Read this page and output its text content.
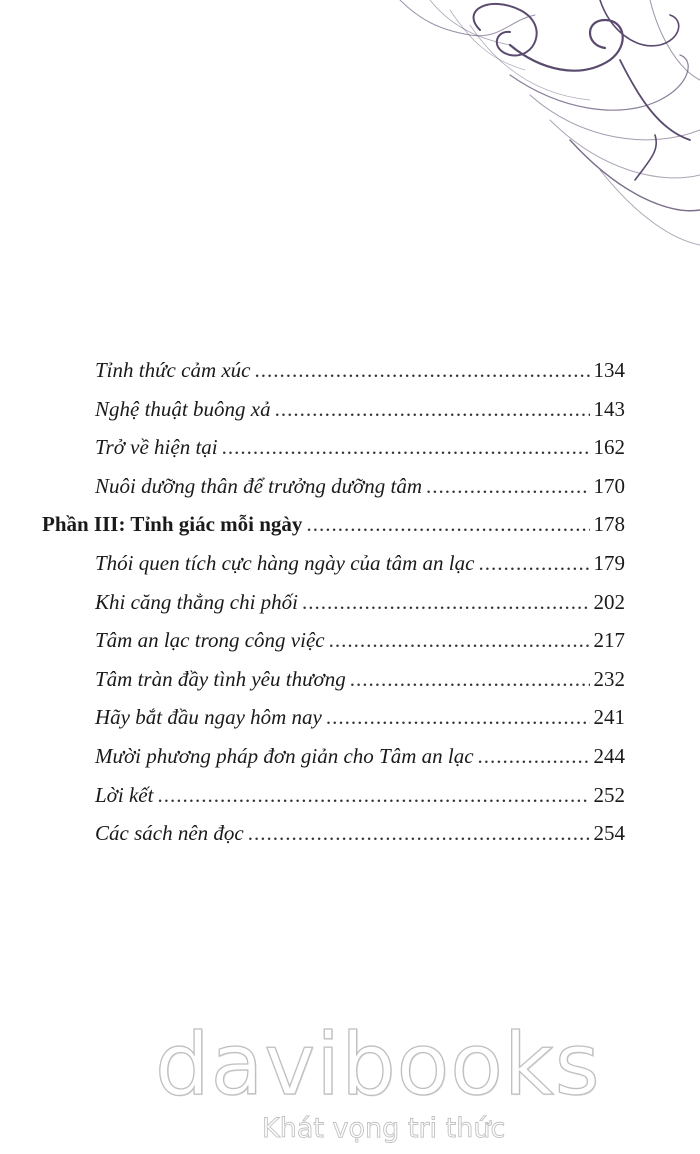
Tỉnh thức cảm xúc .....	134
Nghệ thuật buông xả .....	143
Trở về hiện tại .....	162
Nuôi dưỡng thân để trưởng dưỡng tâm .....	170
Phần III: Tỉnh giác mỗi ngày .....	178
Thói quen tích cực hàng ngày của tâm an lạc .....	179
Khi căng thẳng chi phối .....	202
Tâm an lạc trong công việc .....	217
Tâm tràn đầy tình yêu thương .....	232
Hãy bắt đầu ngay hôm nay .....	241
Mười phương pháp đơn giản cho Tâm an lạc .....	244
Lời kết .....	252
Các sách nên đọc .....	254
davibooks
Khát vọng tri thức
